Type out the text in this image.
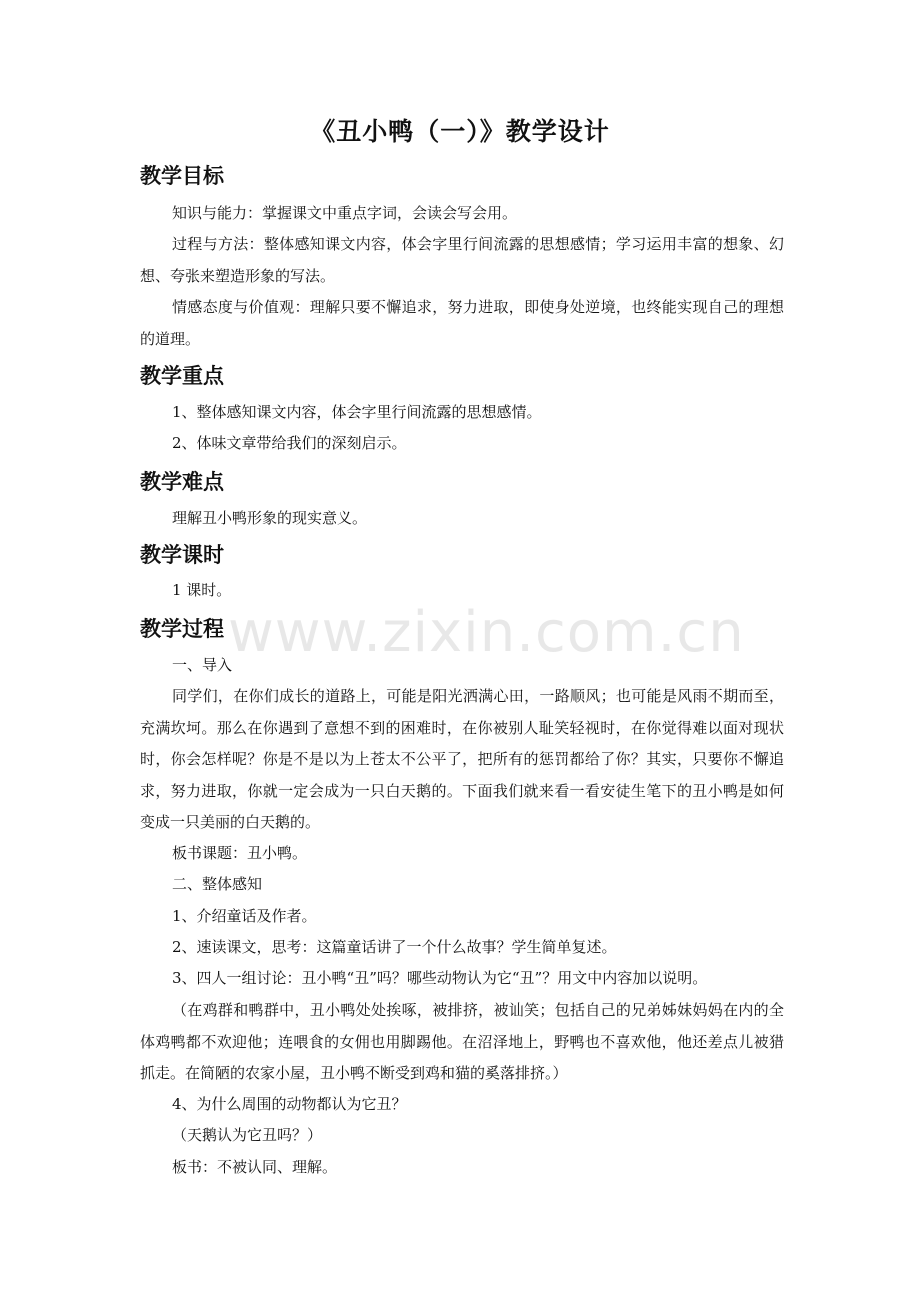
《丑小鸭（一）》教学设计
教学目标
知识与能力：掌握课文中重点字词，会读会写会用。
过程与方法：整体感知课文内容，体会字里行间流露的思想感情；学习运用丰富的想象、幻想、夸张来塑造形象的写法。
情感态度与价值观：理解只要不懈追求，努力进取，即使身处逆境，也终能实现自己的理想的道理。
教学重点
1、整体感知课文内容，体会字里行间流露的思想感情。
2、体味文章带给我们的深刻启示。
教学难点
理解丑小鸭形象的现实意义。
教学课时
1 课时。
教学过程
一、导入
同学们，在你们成长的道路上，可能是阳光洒满心田，一路顺风；也可能是风雨不期而至，充满坎坷。那么在你遇到了意想不到的困难时，在你被别人耻笑轻视时，在你觉得难以面对现状时，你会怎样呢？你是不是以为上苍太不公平了，把所有的惩罚都给了你？其实，只要你不懈追求，努力进取，你就一定会成为一只白天鹅的。下面我们就来看一看安徒生笔下的丑小鸭是如何变成一只美丽的白天鹅的。
板书课题：丑小鸭。
二、整体感知
1、介绍童话及作者。
2、速读课文，思考：这篇童话讲了一个什么故事？学生简单复述。
3、四人一组讨论：丑小鸭“丑”吗？哪些动物认为它“丑”？用文中内容加以说明。
（在鸡群和鸭群中，丑小鸭处处挨啄，被排挤，被讪笑；包括自己的兄弟姊妹妈妈在内的全体鸡鸭都不欢迎他；连喂食的女佣也用脚踢他。在沼泽地上，野鸭也不喜欢他，他还差点儿被猎抓走。在简陋的农家小屋，丑小鸭不断受到鸡和猫的奚落排挤。）
4、为什么周围的动物都认为它丑？
（天鹅认为它丑吗？）
板书：不被认同、理解。
www.zixin.com.cn
